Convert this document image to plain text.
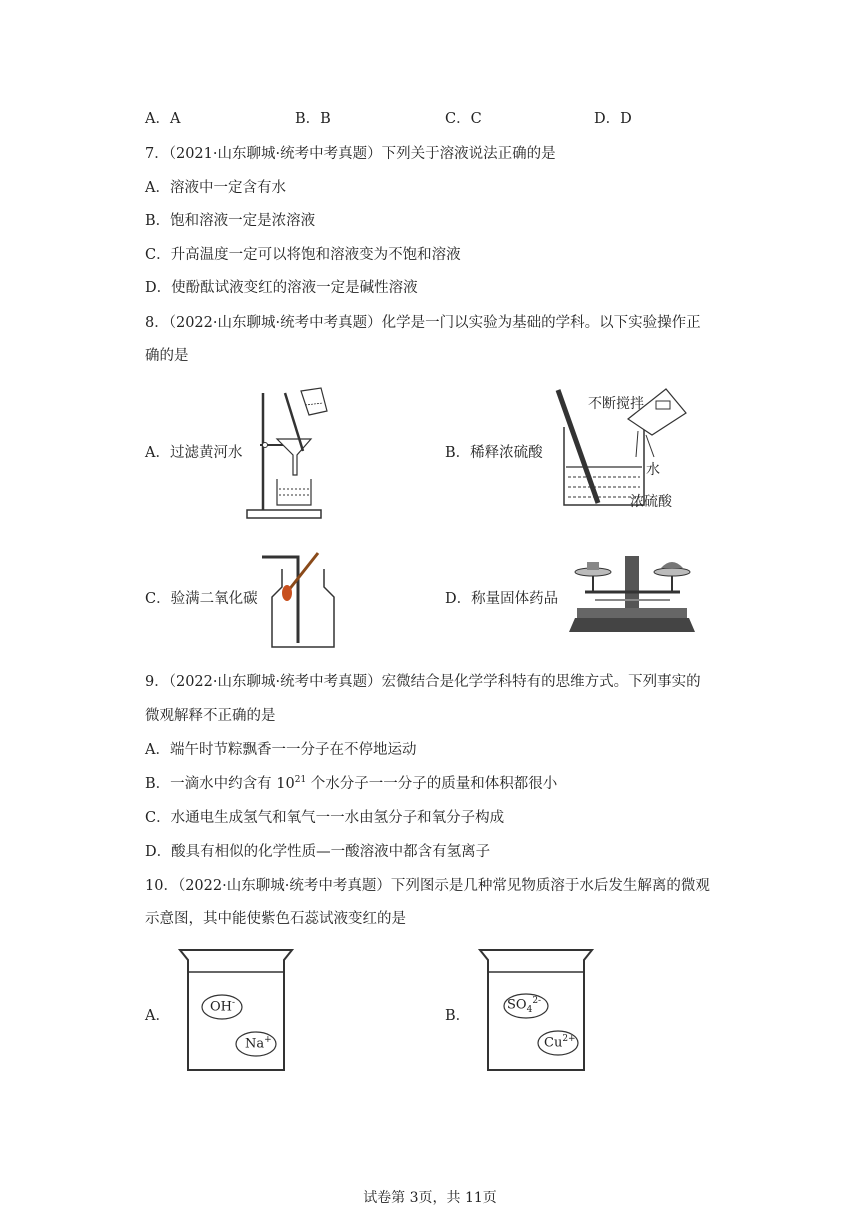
A．A	B．B	C．C	D．D
7．（2021·山东聊城·统考中考真题）下列关于溶液说法正确的是
A．溶液中一定含有水
B．饱和溶液一定是浓溶液
C．升高温度一定可以将饱和溶液变为不饱和溶液
D．使酚酞试液变红的溶液一定是碱性溶液
8．（2022·山东聊城·统考中考真题）化学是一门以实验为基础的学科。以下实验操作正
确的是
A．过滤黄河水	B．稀释浓硫酸
不断搅拌
水
浓硫酸
C．验满二氧化碳	D．称量固体药品
9．（2022·山东聊城·统考中考真题）宏微结合是化学学科特有的思维方式。下列事实的
微观解释不正确的是
A．端午时节粽飘香一一分子在不停地运动
B．一滴水中约含有 $10^{21}$ 个水分子一一分子的质量和体积都很小
C．水通电生成氢气和氧气一一水由氢分子和氧分子构成
D．酸具有相似的化学性质—一酸溶液中都含有氢离子
10．（2022·山东聊城·统考中考真题）下列图示是几种常见物质溶于水后发生解离的微观
示意图，其中能使紫色石蕊试液变红的是
A．
OH-
Na+
B．
$SO_4^{2-}$
$Cu^{2+}$
试卷第 3页，共 11页
